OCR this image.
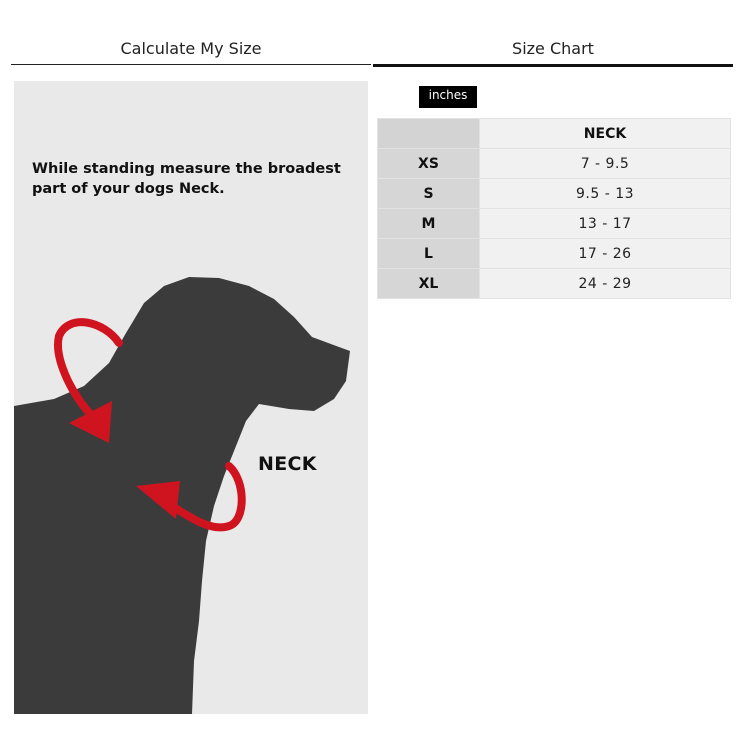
Calculate My Size	Size Chart
While standing measure the broadest part of your dogs Neck.
NECK
inches
	NECK
XS	7 - 9.5
S	9.5 - 13
M	13 - 17
L	17 - 26
XL	24 - 29
